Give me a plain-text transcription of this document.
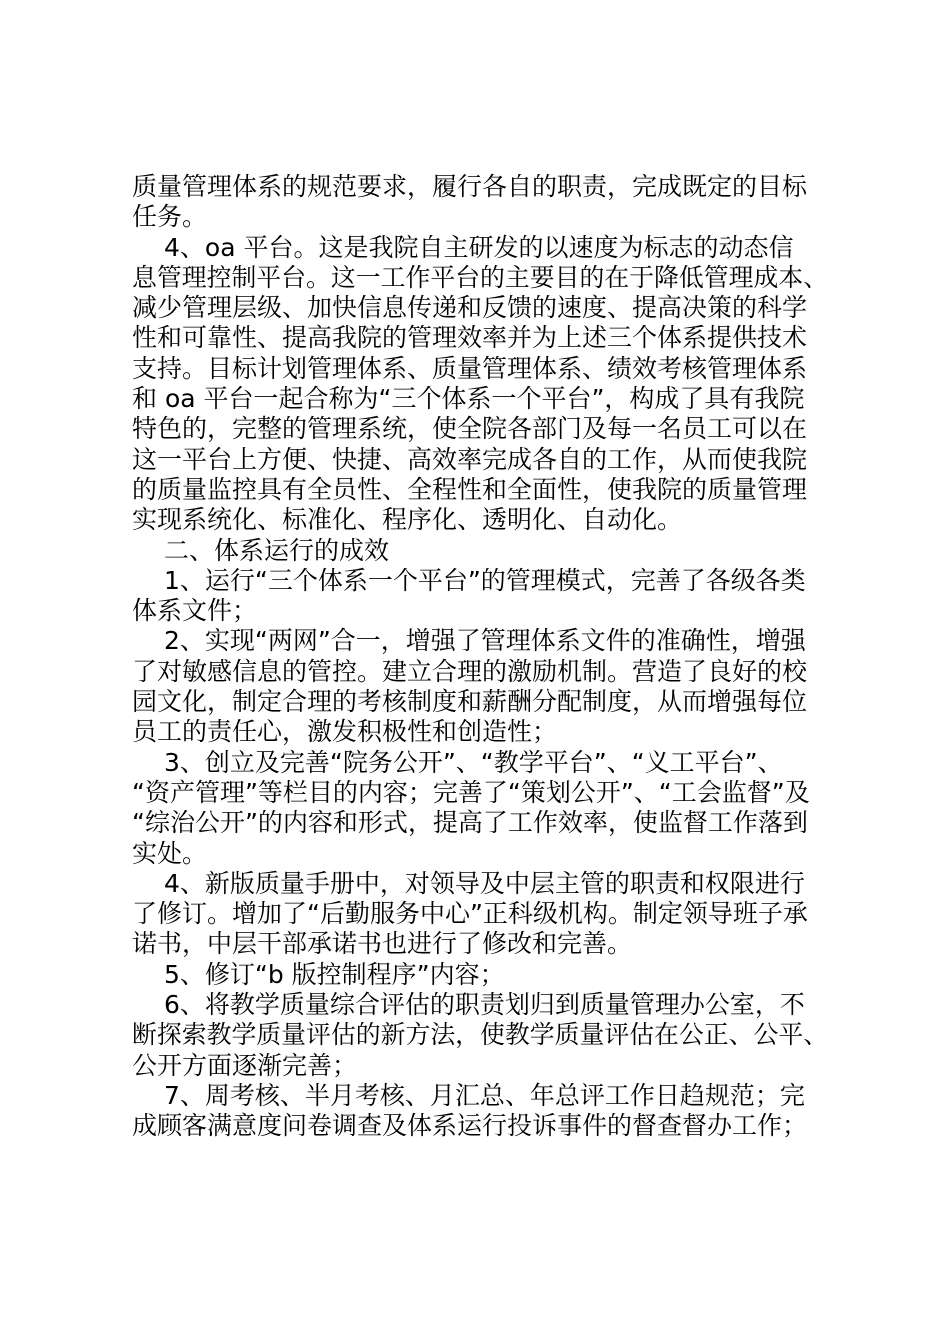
质量管理体系的规范要求，履行各自的职责，完成既定的目标
任务。

4、oa 平台。这是我院自主研发的以速度为标志的动态信
息管理控制平台。这一工作平台的主要目的在于降低管理成本、
减少管理层级、加快信息传递和反馈的速度、提高决策的科学
性和可靠性、提高我院的管理效率并为上述三个体系提供技术
支持。目标计划管理体系、质量管理体系、绩效考核管理体系
和 oa 平台一起合称为“三个体系一个平台”，构成了具有我院
特色的，完整的管理系统，使全院各部门及每一名员工可以在
这一平台上方便、快捷、高效率完成各自的工作，从而使我院
的质量监控具有全员性、全程性和全面性，使我院的质量管理
实现系统化、标准化、程序化、透明化、自动化。

二、体系运行的成效

1、运行“三个体系一个平台”的管理模式，完善了各级各类
体系文件；

2、实现“两网”合一，增强了管理体系文件的准确性，增强
了对敏感信息的管控。建立合理的激励机制。营造了良好的校
园文化，制定合理的考核制度和薪酬分配制度，从而增强每位
员工的责任心，激发积极性和创造性；

3、创立及完善“院务公开”、“教学平台”、“义工平台”、
“资产管理”等栏目的内容；完善了“策划公开”、“工会监督”及
“综治公开”的内容和形式，提高了工作效率，使监督工作落到
实处。

4、新版质量手册中，对领导及中层主管的职责和权限进行
了修订。增加了“后勤服务中心”正科级机构。制定领导班子承
诺书，中层干部承诺书也进行了修改和完善。

5、修订“b 版控制程序”内容；

6、将教学质量综合评估的职责划归到质量管理办公室，不
断探索教学质量评估的新方法，使教学质量评估在公正、公平、
公开方面逐渐完善；

7、周考核、半月考核、月汇总、年总评工作日趋规范；完
成顾客满意度问卷调查及体系运行投诉事件的督查督办工作；
